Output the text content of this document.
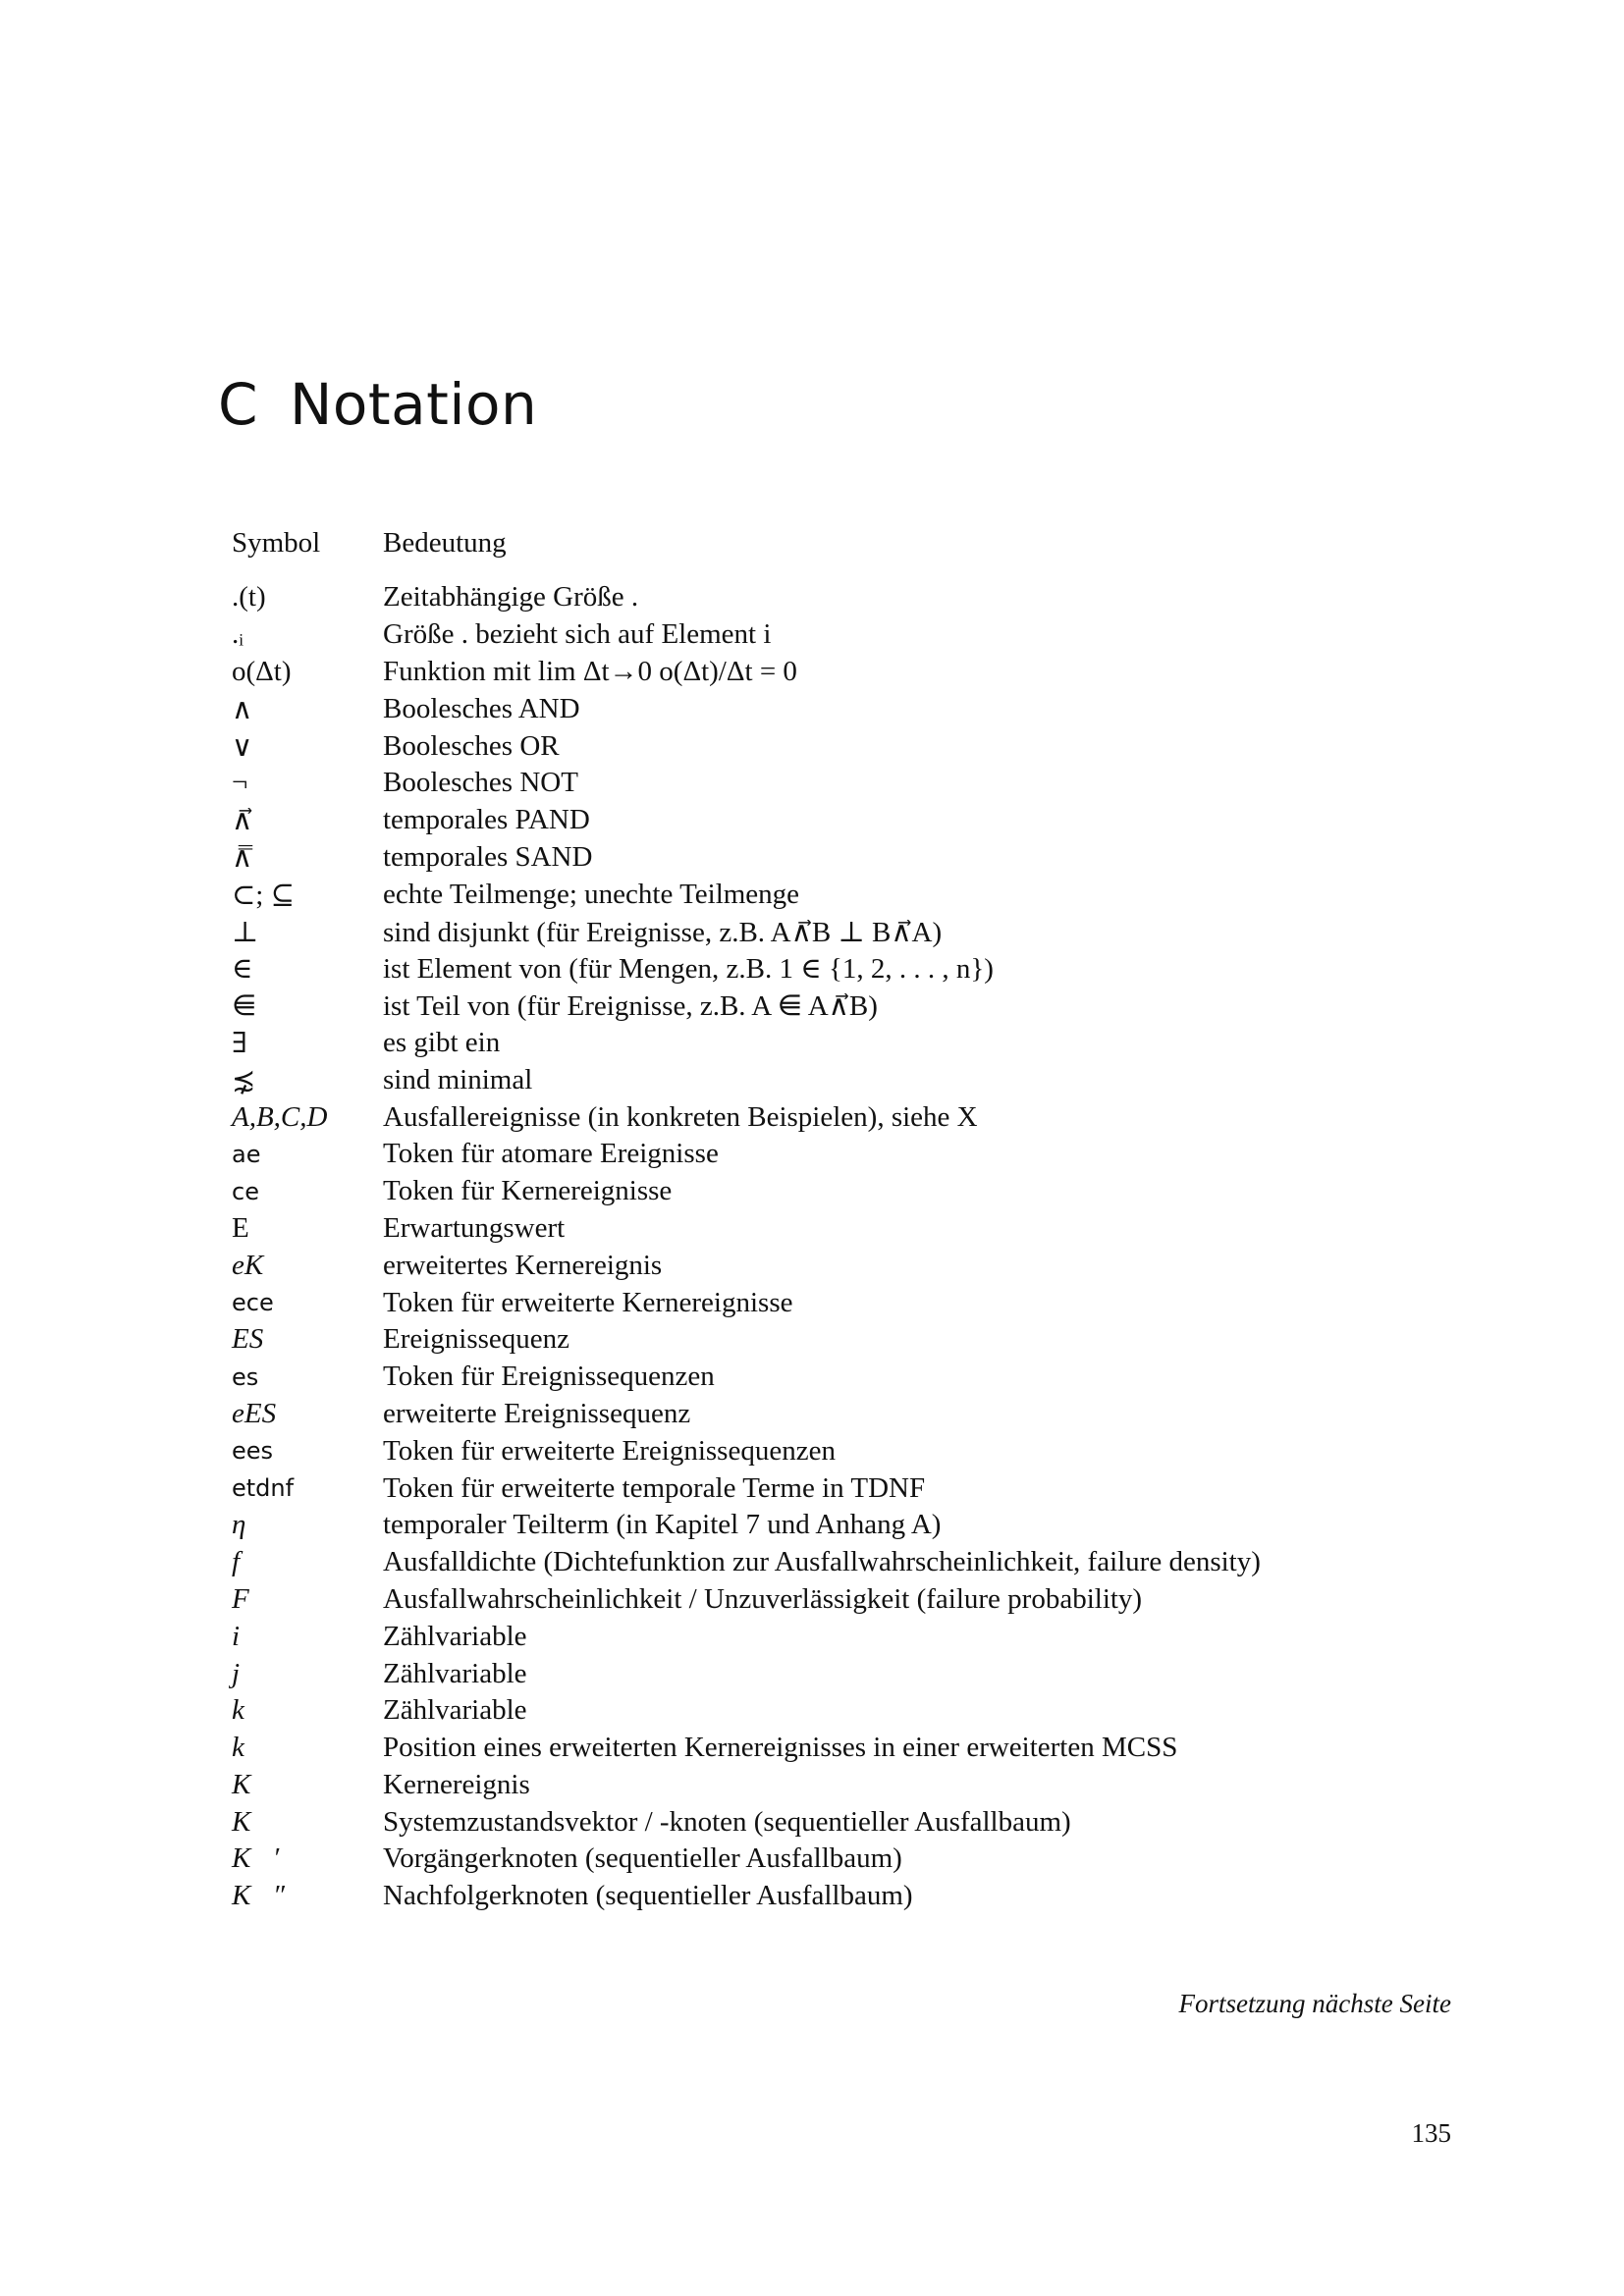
C Notation
Symbol	Bedeutung

.(t)	Zeitabhängige Größe .
.ᵢ	Größe . bezieht sich auf Element i
o(Δt)	Funktion mit lim Δt→0 o(Δt)/Δt = 0
∧	Boolesches AND
∨	Boolesches OR
¬	Boolesches NOT
∧⃗	temporales PAND
∧̿	temporales SAND
⊂; ⊆	echte Teilmenge; unechte Teilmenge
⊥	sind disjunkt (für Ereignisse, z.B. A∧⃗B ⊥ B∧⃗A)
∈	ist Element von (für Mengen, z.B. 1 ∈ {1, 2, . . . , n})
⋹	ist Teil von (für Ereignisse, z.B. A ⋹ A∧⃗B)
∃	es gibt ein
⋨	sind minimal
A,B,C,D	Ausfallereignisse (in konkreten Beispielen), siehe X
ae	Token für atomare Ereignisse
ce	Token für Kernereignisse
E	Erwartungswert
eK	erweitertes Kernereignis
ece	Token für erweiterte Kernereignisse
ES	Ereignissequenz
es	Token für Ereignissequenzen
eES	erweiterte Ereignissequenz
ees	Token für erweiterte Ereignissequenzen
etdnf	Token für erweiterte temporale Terme in TDNF
η	temporaler Teilterm (in Kapitel 7 und Anhang A)
f	Ausfalldichte (Dichtefunktion zur Ausfallwahrscheinlichkeit, failure density)
F	Ausfallwahrscheinlichkeit / Unzuverlässigkeit (failure probability)
i	Zählvariable
j	Zählvariable
k	Zählvariable
k	Position eines erweiterten Kernereignisses in einer erweiterten MCSS
K	Kernereignis
K⃗	Systemzustandsvektor / -knoten (sequentieller Ausfallbaum)
K⃗′	Vorgängerknoten (sequentieller Ausfallbaum)
K⃗″	Nachfolgerknoten (sequentieller Ausfallbaum)
Fortsetzung nächste Seite
135
